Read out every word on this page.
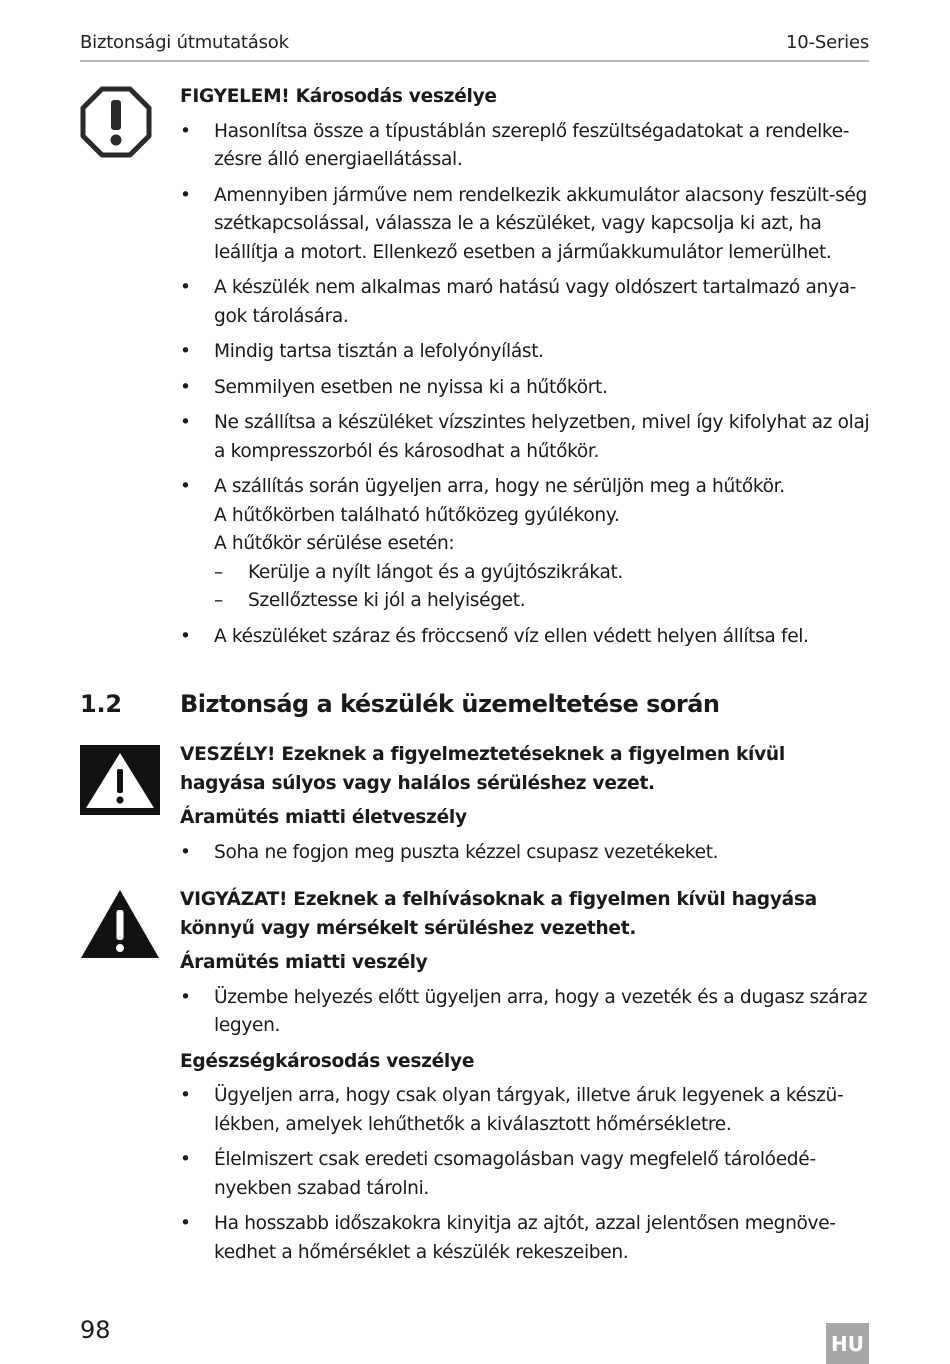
Biztonsági útmutatások	10-Series

FIGYELEM! Károsodás veszélye

• Hasonlítsa össze a típustáblán szereplő feszültségadatokat a rendelke-zésre álló energiaellátással.
• Amennyiben járműve nem rendelkezik akkumulátor alacsony feszült-ség szétkapcsolással, válassza le a készüléket, vagy kapcsolja ki azt, ha leállítja a motort. Ellenkező esetben a járműakkumulátor lemerülhet.
• A készülék nem alkalmas maró hatású vagy oldószert tartalmazó anya-gok tárolására.
• Mindig tartsa tisztán a lefolyónyílást.
• Semmilyen esetben ne nyissa ki a hűtőkört.
• Ne szállítsa a készüléket vízszintes helyzetben, mivel így kifolyhat az olaj a kompresszorból és károsodhat a hűtőkör.
• A szállítás során ügyeljen arra, hogy ne sérüljön meg a hűtőkör.
A hűtőkörben található hűtőközeg gyúlékony.
A hűtőkör sérülése esetén:
– Kerülje a nyílt lángot és a gyújtószikrákat.
– Szellőztesse ki jól a helyiséget.
• A készüléket száraz és fröccsenő víz ellen védett helyen állítsa fel.
1.2 Biztonság a készülék üzemeltetése során

VESZÉLY! Ezeknek a figyelmeztetéseknek a figyelmen kívül

hagyása súlyos vagy halálos sérüléshez vezet.

Áramütés miatti életveszély

• Soha ne fogjon meg puszta kézzel csupasz vezetékeket.

VIGYÁZAT! Ezeknek a felhívásoknak a figyelmen kívül hagyása

könnyű vagy mérsékelt sérüléshez vezethet.

Áramütés miatti veszély

• Üzembe helyezés előtt ügyeljen arra, hogy a vezeték és a dugasz száraz legyen.

Egészségkárosodás veszélye

• Ügyeljen arra, hogy csak olyan tárgyak, illetve áruk legyenek a készü-lékben, amelyek lehűthetők a kiválasztott hőmérsékletre.
• Élelmiszert csak eredeti csomagolásban vagy megfelelő tárolóedé-nyekben szabad tárolni.
• Ha hosszabb időszakokra kinyitja az ajtót, azzal jelentősen megnöve-kedhet a hőmérséklet a készülék rekeszeiben.
98	HU
